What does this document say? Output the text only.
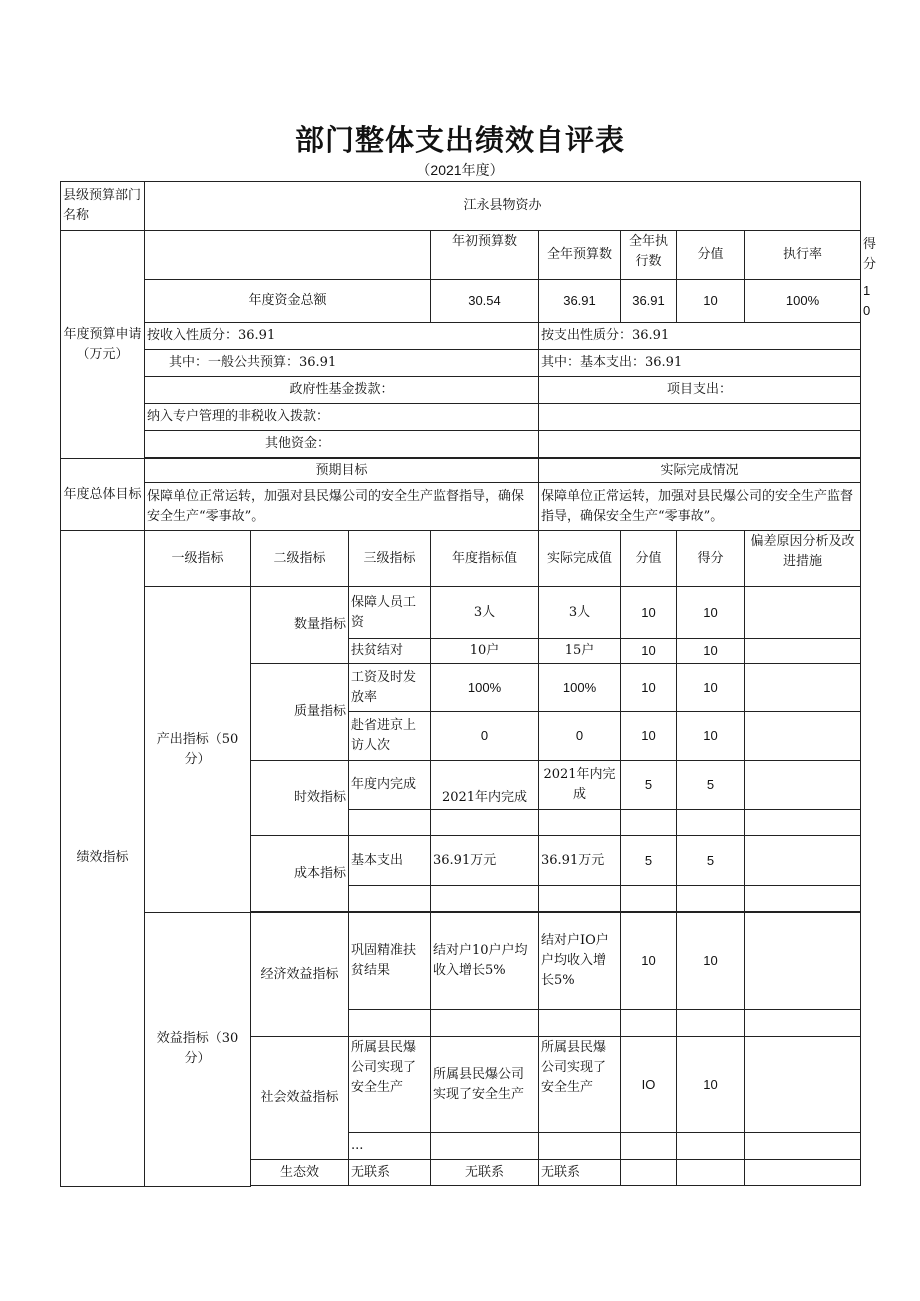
部门整体支出绩效自评表
（2021年度）
县级预算部门名称	江永县物资办								
年度预算申请（万元）				年初预算数	全年预算数	全年执行数	分值	执行率	得分
	年度资金总额			30.54	36.91	36.91	10	100%	10
	按收入性质分：36.91				按支出性质分：36.91				
	其中：一般公共预算：36.91				其中：基本支出：36.91				
	政府性基金拨款：				项目支出：				
	纳入专户管理的非税收入拨款：								
	其他资金：								

年度总体目标	预期目标				实际完成情况				
	保障单位正常运转，加强对县民爆公司的安全生产监督指导，确保安全生产“零事故”。				保障单位正常运转，加强对县民爆公司的安全生产监督指导，确保安全生产“零事故”。				
绩效指标	一级指标	二级指标	三级指标	年度指标值	实际完成值	分值	得分	偏差原因分析及改进措施	
	产出指标（50分）	数量指标	保障人员工资	3人	3人	10	10		
			扶贫结对	10户	15户	10	10		
		质量指标	工资及时发放率	100%	100%	10	10		
			赴省进京上访人次	0	0	10	10		
		时效指标	年度内完成	2021年内完成	2021年内完成	5	5		

		成本指标	基本支出	36.91万元	36.91万元	5	5		

	效益指标（30分）	经济效益指标	巩固精准扶贫结果	结对户10户户均收入增长5%	结对户IO户户均收入增长5%	10	10		

		社会效益指标	所属县民爆公司实现了安全生产	所属县民爆公司实现了安全生产	所属县民爆公司实现了安全生产	IO	10		
			...						
		生态效	无联系	无联系	无联系				
